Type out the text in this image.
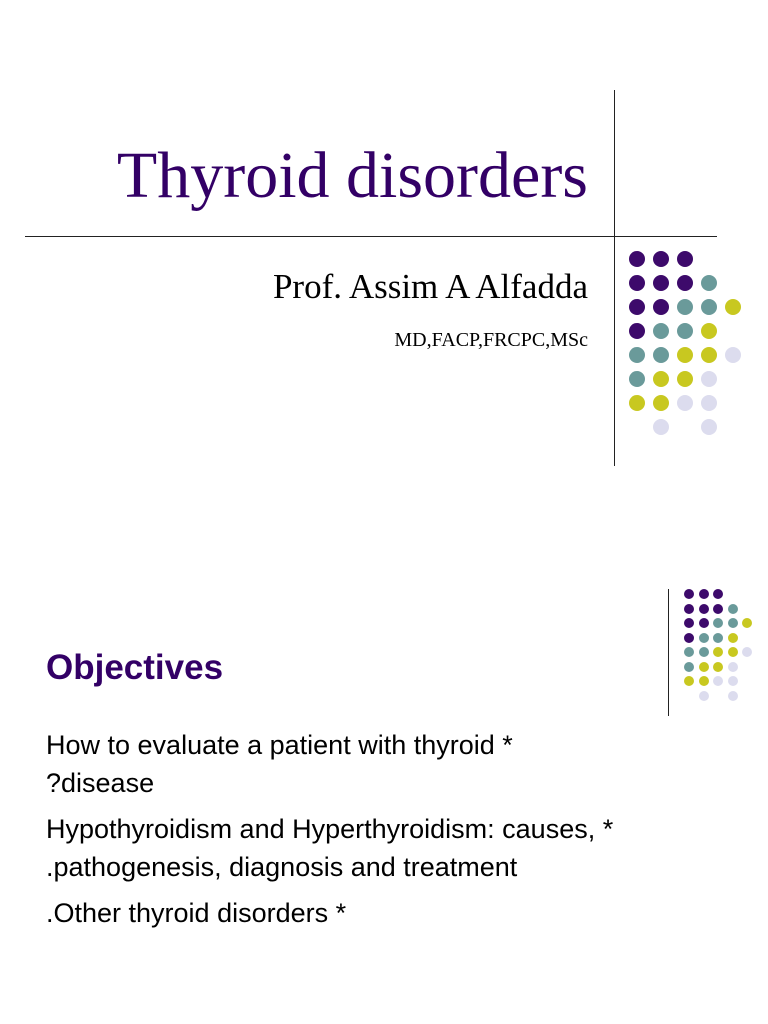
Thyroid disorders
Prof. Assim A Alfadda
MD,FACP,FRCPC,MSc
Objectives
How to evaluate a patient with thyroid *
?disease
Hypothyroidism and Hyperthyroidism: causes, *
.pathogenesis, diagnosis and treatment
.Other thyroid disorders *
